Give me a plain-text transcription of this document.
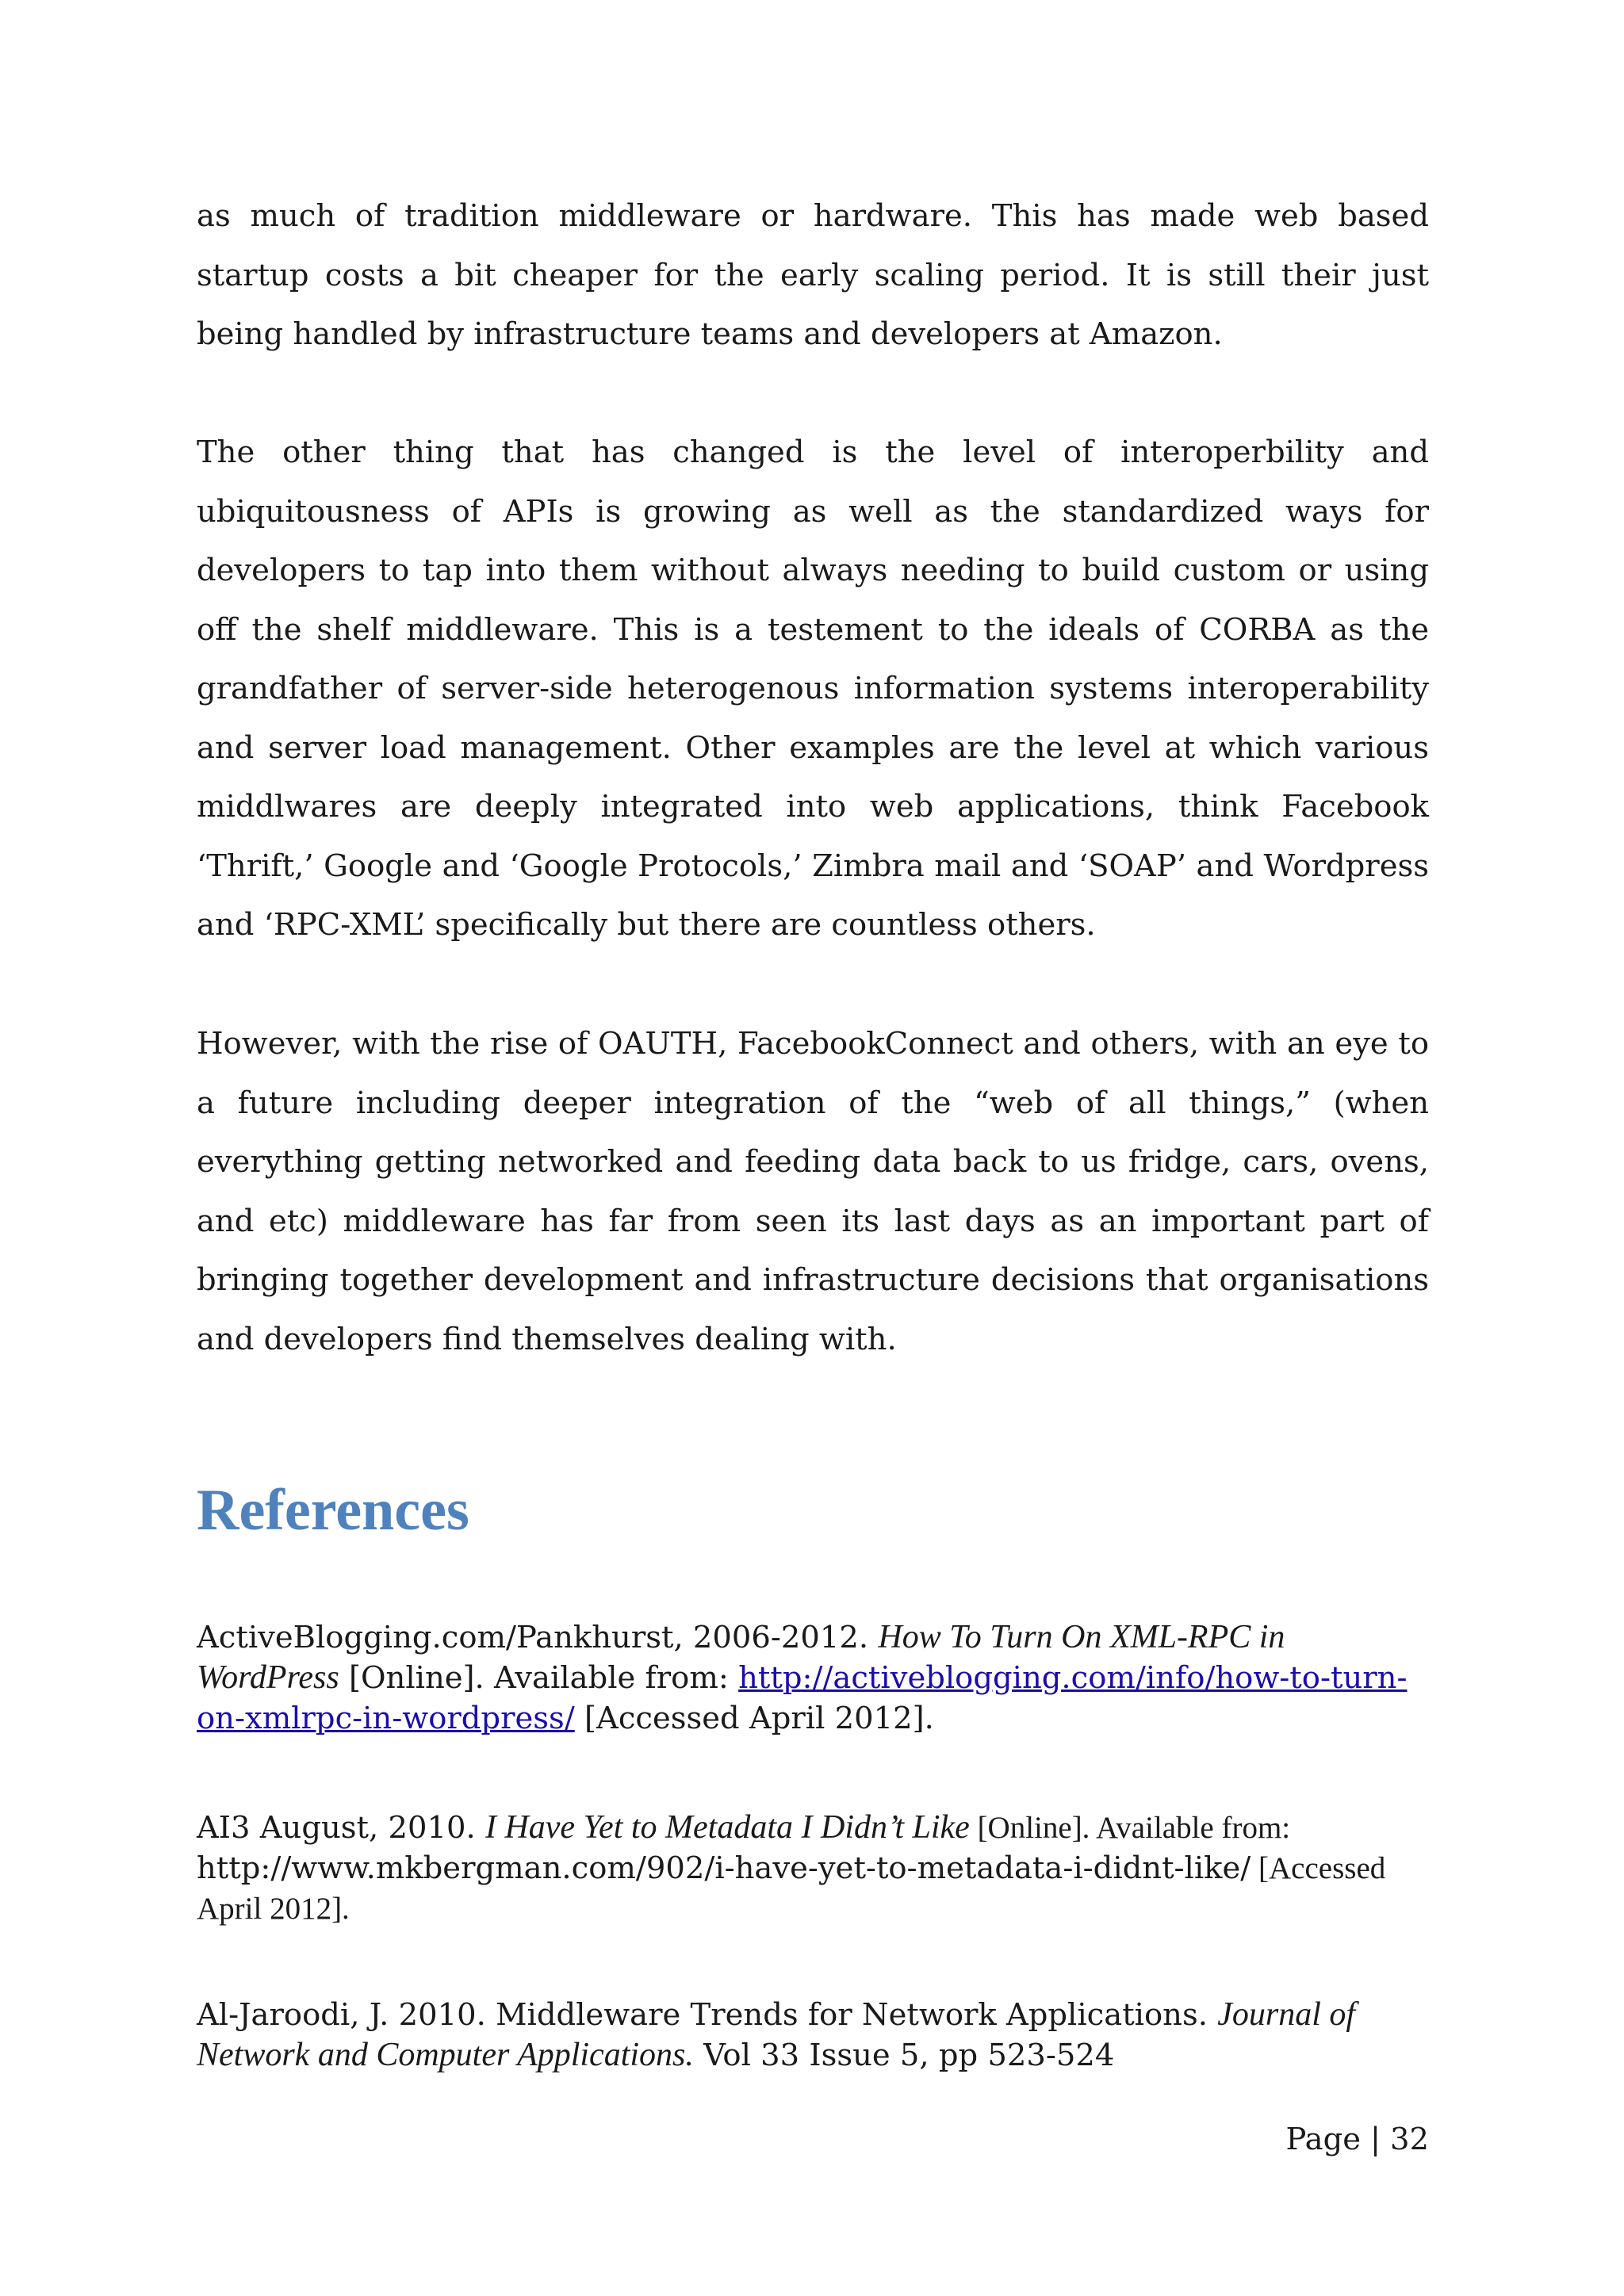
as much of tradition middleware or hardware. This has made web based startup costs a bit cheaper for the early scaling period. It is still their just being handled by infrastructure teams and developers at Amazon.

The other thing that has changed is the level of interoperbility and ubiquitousness of APIs is growing as well as the standardized ways for developers to tap into them without always needing to build custom or using off the shelf middleware. This is a testement to the ideals of CORBA as the grandfather of server-side heterogenous information systems interoperability and server load management. Other examples are the level at which various middlwares are deeply integrated into web applications, think Facebook ‘Thrift,’ Google and ‘Google Protocols,’ Zimbra mail and ‘SOAP’ and Wordpress and ‘RPC-XML’ specifically but there are countless others.

However, with the rise of OAUTH, FacebookConnect and others, with an eye to a future including deeper integration of the “web of all things,” (when everything getting networked and feeding data back to us fridge, cars, ovens, and etc) middleware has far from seen its last days as an important part of bringing together development and infrastructure decisions that organisations and developers find themselves dealing with.

References

ActiveBlogging.com/Pankhurst, 2006-2012. How To Turn On XML-RPC in WordPress [Online]. Available from: http://activeblogging.com/info/how-to-turn-on-xmlrpc-in-wordpress/ [Accessed April 2012].

AI3 August, 2010. I Have Yet to Metadata I Didn’t Like [Online]. Available from: http://www.mkbergman.com/902/i-have-yet-to-metadata-i-didnt-like/ [Accessed April 2012].

Al-Jaroodi, J. 2010. Middleware Trends for Network Applications. Journal of Network and Computer Applications. Vol 33 Issue 5, pp 523-524

Page | 32
